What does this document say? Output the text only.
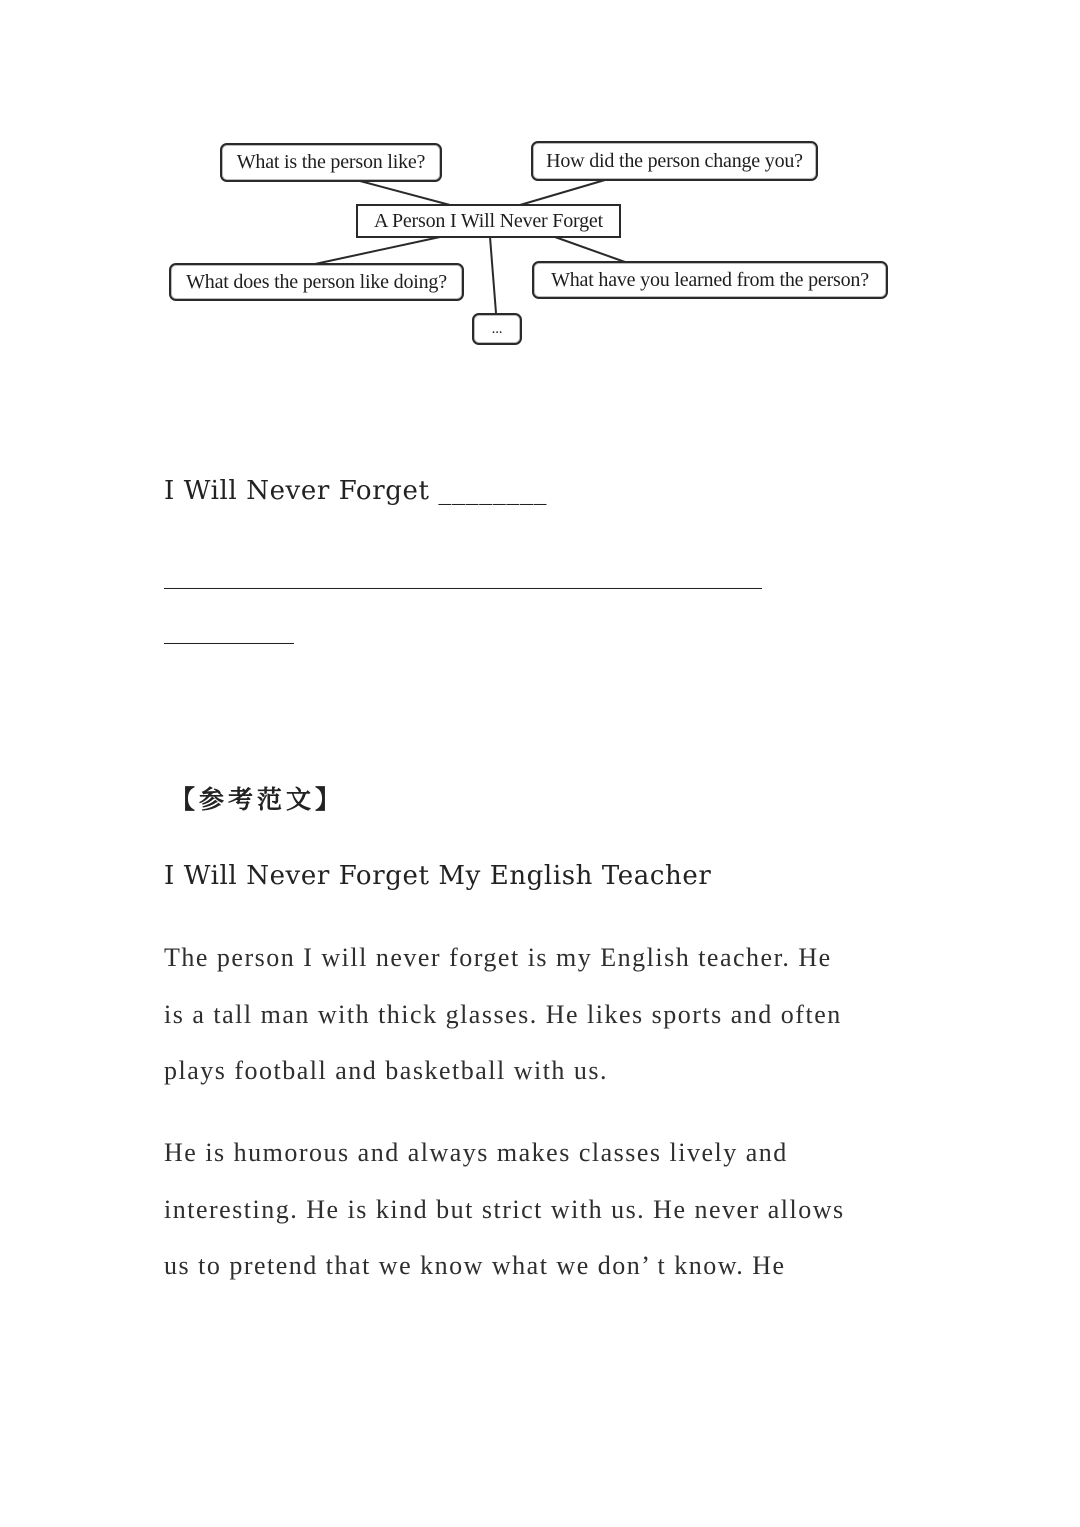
What is the person like?	How did the person change you?
A Person I Will Never Forget
What does the person like doing?	What have you learned from the person?
...
I Will Never Forget ________
______________________________________________
__________
【参考范文】
I Will Never Forget My English Teacher
The person I will never forget is my English teacher. He
is a tall man with thick glasses. He likes sports and often
plays football and basketball with us.
He is humorous and always makes classes lively and
interesting. He is kind but strict with us. He never allows
us to pretend that we know what we don’ t know. He
